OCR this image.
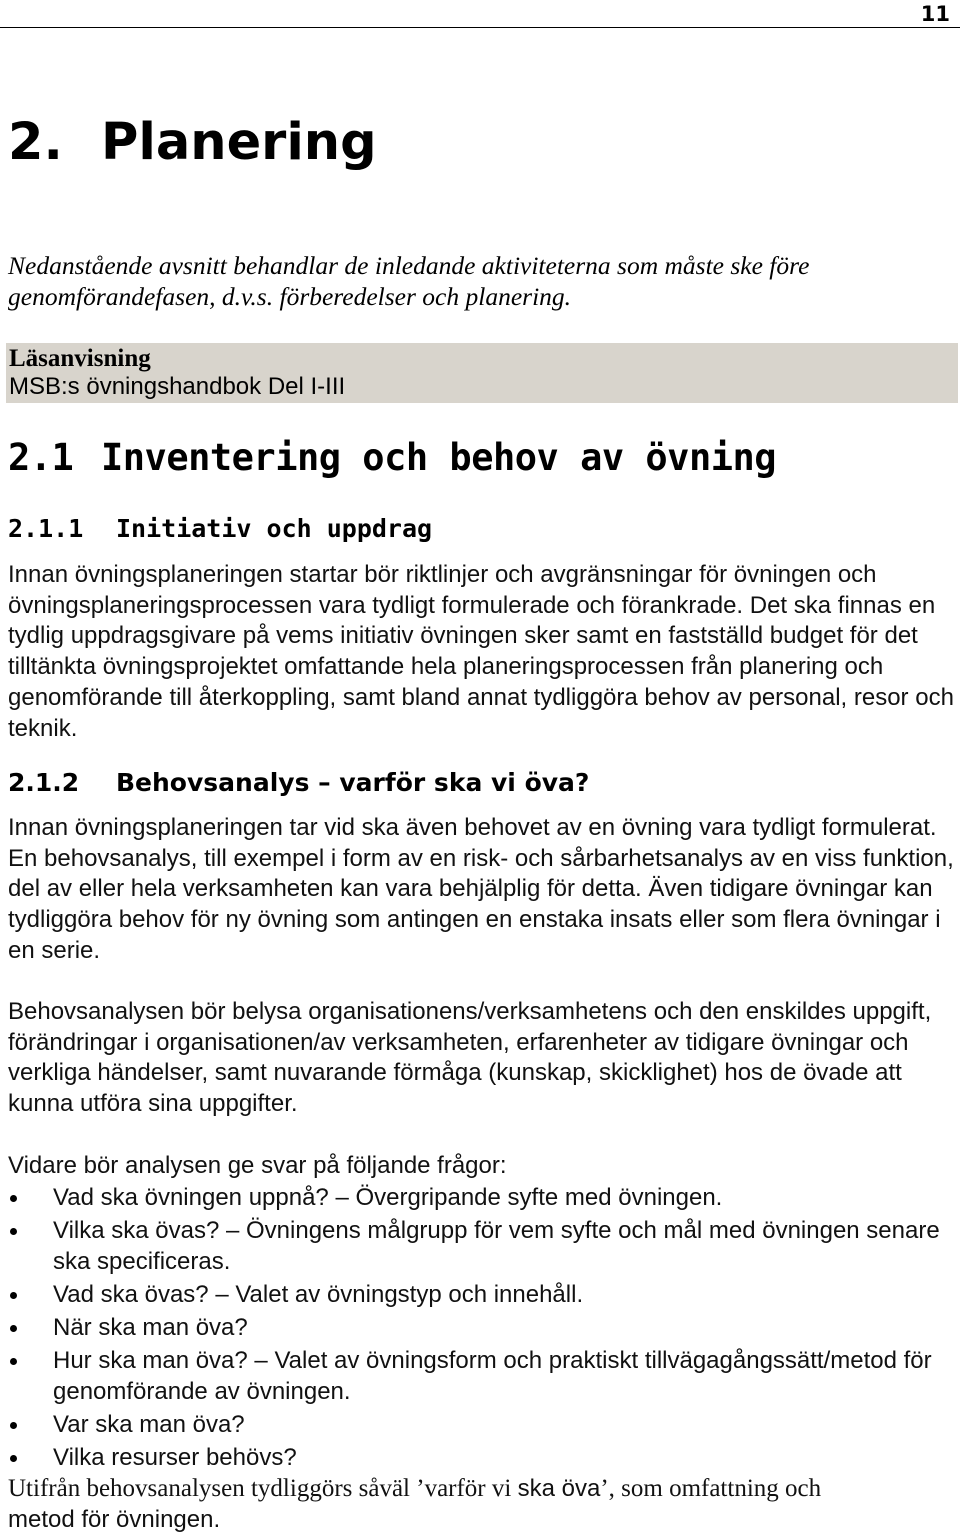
11
2. Planering

Nedanstående avsnitt behandlar de inledande aktiviteterna som måste ske före genomförandefasen, d.v.s. förberedelser och planering.

Läsanvisning
MSB:s övningshandbok Del I-III
2.1 Inventering och behov av övning
2.1.1 Initiativ och uppdrag

Innan övningsplaneringen startar bör riktlinjer och avgränsningar för övningen och övningsplaneringsprocessen vara tydligt formulerade och förankrade. Det ska finnas en tydlig uppdragsgivare på vems initiativ övningen sker samt en fastställd budget för det tilltänkta övningsprojektet omfattande hela planeringsprocessen från planering och genomförande till återkoppling, samt bland annat tydliggöra behov av personal, resor och teknik.

2.1.2 Behovsanalys – varför ska vi öva?

Innan övningsplaneringen tar vid ska även behovet av en övning vara tydligt formulerat. En behovsanalys, till exempel i form av en risk- och sårbarhetsanalys av en viss funktion, del av eller hela verksamheten kan vara behjälplig för detta. Även tidigare övningar kan tydliggöra behov för ny övning som antingen en enstaka insats eller som flera övningar i en serie.

Behovsanalysen bör belysa organisationens/verksamhetens och den enskildes uppgift, förändringar i organisationen/av verksamheten, erfarenheter av tidigare övningar och verkliga händelser, samt nuvarande förmåga (kunskap, skicklighet) hos de övade att kunna utföra sina uppgifter.

Vidare bör analysen ge svar på följande frågor:

Vad ska övningen uppnå? – Övergripande syfte med övningen.
Vilka ska övas? – Övningens målgrupp för vem syfte och mål med övningen senare ska specificeras.
Vad ska övas? – Valet av övningstyp och innehåll.
När ska man öva?
Hur ska man öva? – Valet av övningsform och praktiskt tillvägagångssätt/metod för genomförande av övningen.
Var ska man öva?
Vilka resurser behövs?

Utifrån behovsanalysen tydliggörs såväl ’varför vi ska öva’, som omfattning och
metod för övningen.
